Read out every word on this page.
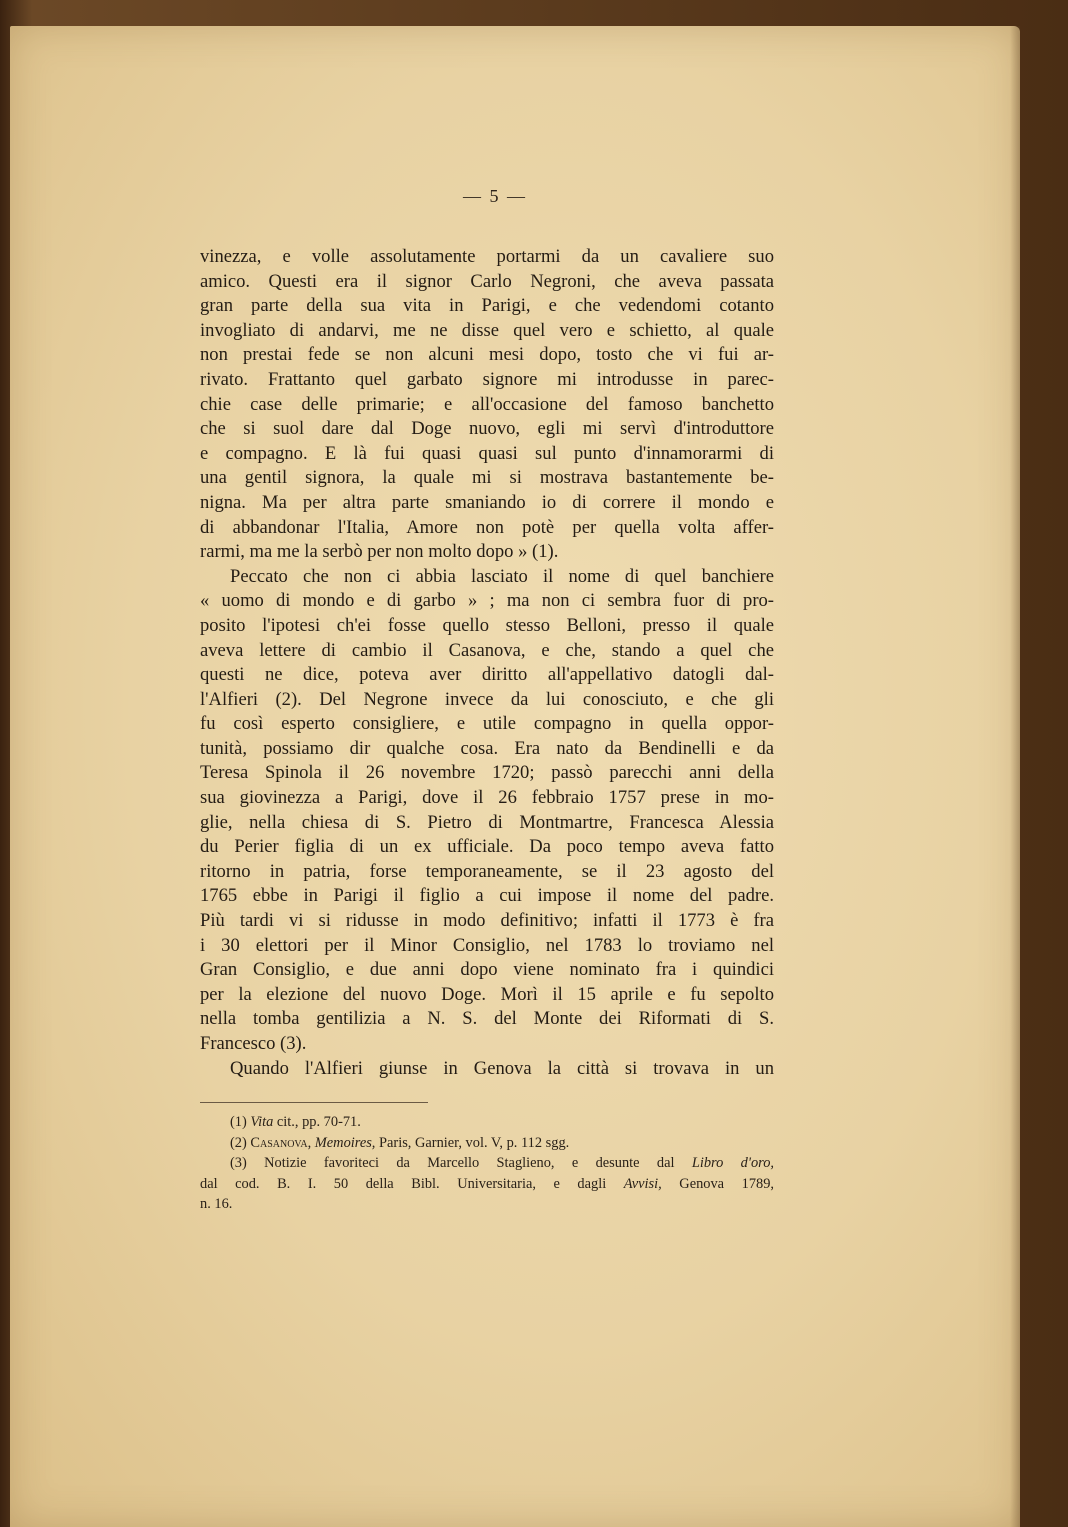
— 5 —
vinezza, e volle assolutamente portarmi da un cavaliere suo
amico. Questi era il signor Carlo Negroni, che aveva passata
gran parte della sua vita in Parigi, e che vedendomi cotanto
invogliato di andarvi, me ne disse quel vero e schietto, al quale
non prestai fede se non alcuni mesi dopo, tosto che vi fui ar-
rivato. Frattanto quel garbato signore mi introdusse in parec-
chie case delle primarie; e all'occasione del famoso banchetto
che si suol dare dal Doge nuovo, egli mi servì d'introduttore
e compagno. E là fui quasi quasi sul punto d'innamorarmi di
una gentil signora, la quale mi si mostrava bastantemente be-
nigna. Ma per altra parte smaniando io di correre il mondo e
di abbandonar l'Italia, Amore non potè per quella volta affer-
rarmi, ma me la serbò per non molto dopo » (1).
Peccato che non ci abbia lasciato il nome di quel banchiere
« uomo di mondo e di garbo » ; ma non ci sembra fuor di pro-
posito l'ipotesi ch'ei fosse quello stesso Belloni, presso il quale
aveva lettere di cambio il Casanova, e che, stando a quel che
questi ne dice, poteva aver diritto all'appellativo datogli dal-
l'Alfieri (2). Del Negrone invece da lui conosciuto, e che gli
fu così esperto consigliere, e utile compagno in quella oppor-
tunità, possiamo dir qualche cosa. Era nato da Bendinelli e da
Teresa Spinola il 26 novembre 1720; passò parecchi anni della
sua giovinezza a Parigi, dove il 26 febbraio 1757 prese in mo-
glie, nella chiesa di S. Pietro di Montmartre, Francesca Alessia
du Perier figlia di un ex ufficiale. Da poco tempo aveva fatto
ritorno in patria, forse temporaneamente, se il 23 agosto del
1765 ebbe in Parigi il figlio a cui impose il nome del padre.
Più tardi vi si ridusse in modo definitivo; infatti il 1773 è fra
i 30 elettori per il Minor Consiglio, nel 1783 lo troviamo nel
Gran Consiglio, e due anni dopo viene nominato fra i quindici
per la elezione del nuovo Doge. Morì il 15 aprile e fu sepolto
nella tomba gentilizia a N. S. del Monte dei Riformati di S.
Francesco (3).
Quando l'Alfieri giunse in Genova la città si trovava in un
(1) Vita cit., pp. 70-71.
(2) Casanova, Memoires, Paris, Garnier, vol. V, p. 112 sgg.
(3) Notizie favoriteci da Marcello Staglieno, e desunte dal Libro d'oro,
dal cod. B. I. 50 della Bibl. Universitaria, e dagli Avvisi, Genova 1789,
n. 16.
